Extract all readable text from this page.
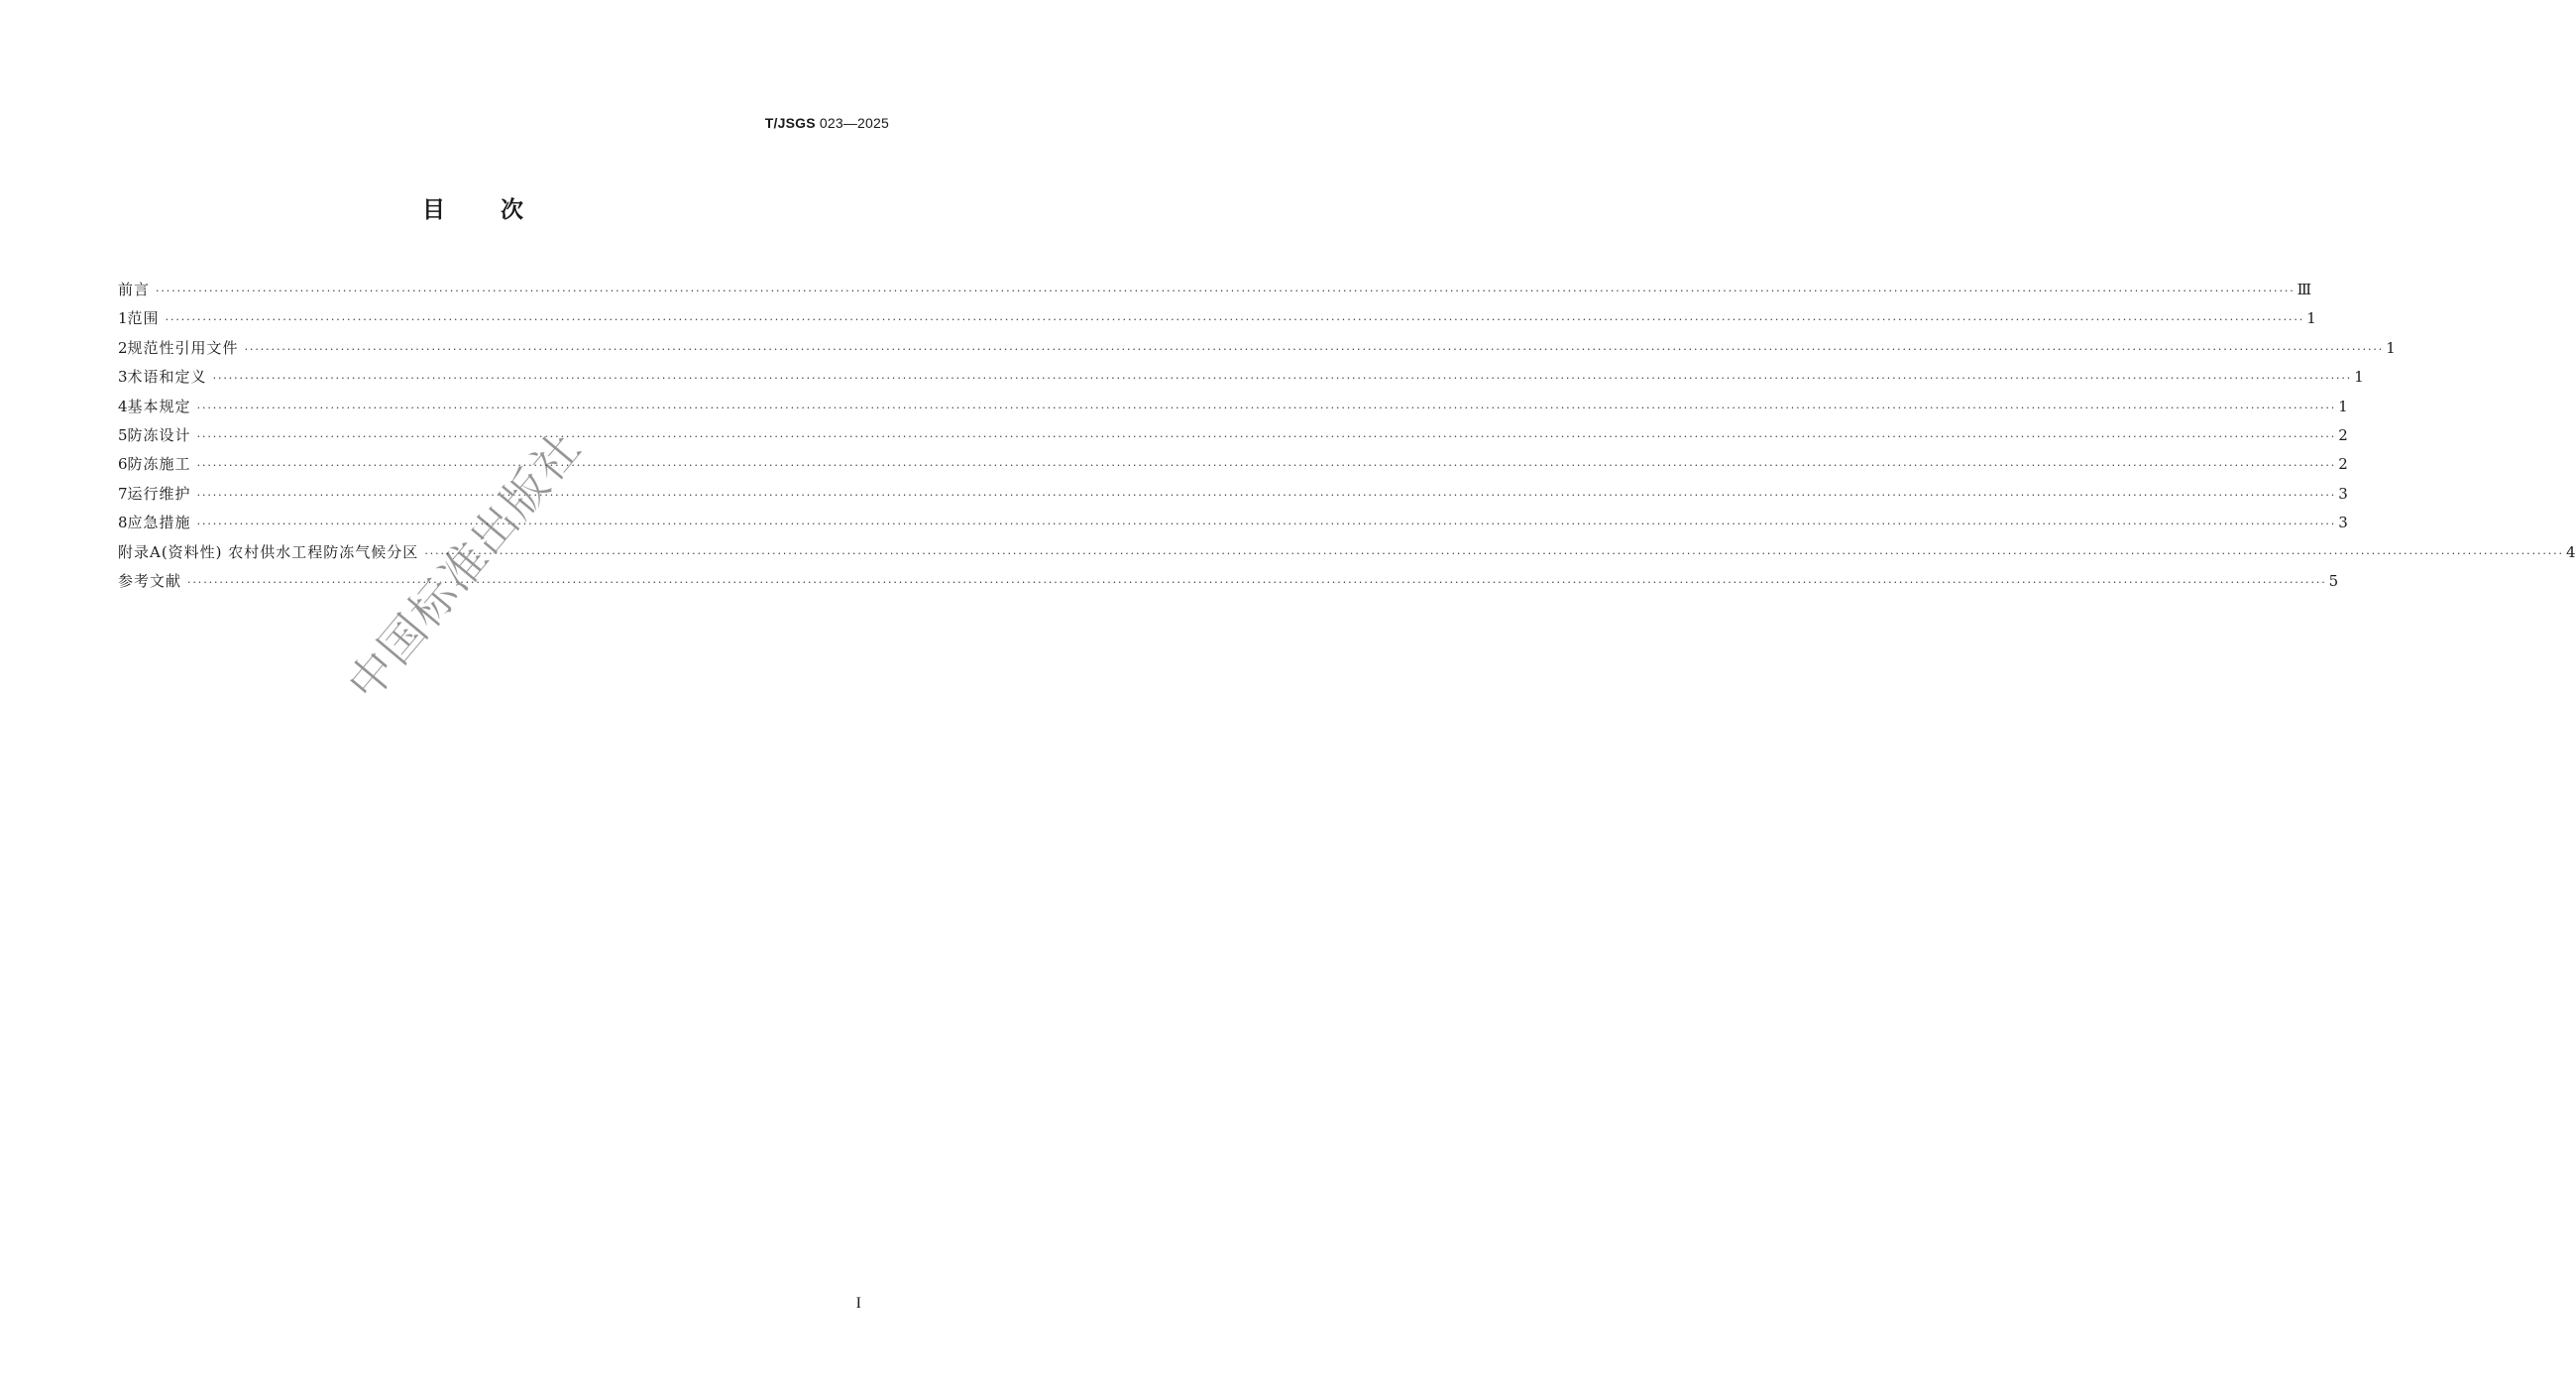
T/JSGS 023—2025
目次
前言 ················································································································································································································································································································································································································ Ⅲ
1 范围 ················································································································································································································································································································································································································ 1
2 规范性引用文件 ················································································································································································································································································································································································································ 1
3 术语和定义 ················································································································································································································································································································································································································ 1
4 基本规定 ················································································································································································································································································································································································································ 1
5 防冻设计 ················································································································································································································································································································································································································ 2
6 防冻施工 ················································································································································································································································································································································································································ 2
7 运行维护 ················································································································································································································································································································································································································ 3
8 应急措施 ················································································································································································································································································································································································································ 3
附录A(资料性) 农村供水工程防冻气候分区 ················································································································································································································································································································································································································ 4
参考文献 ················································································································································································································································································································································································································ 5
中国标准出版社
I
